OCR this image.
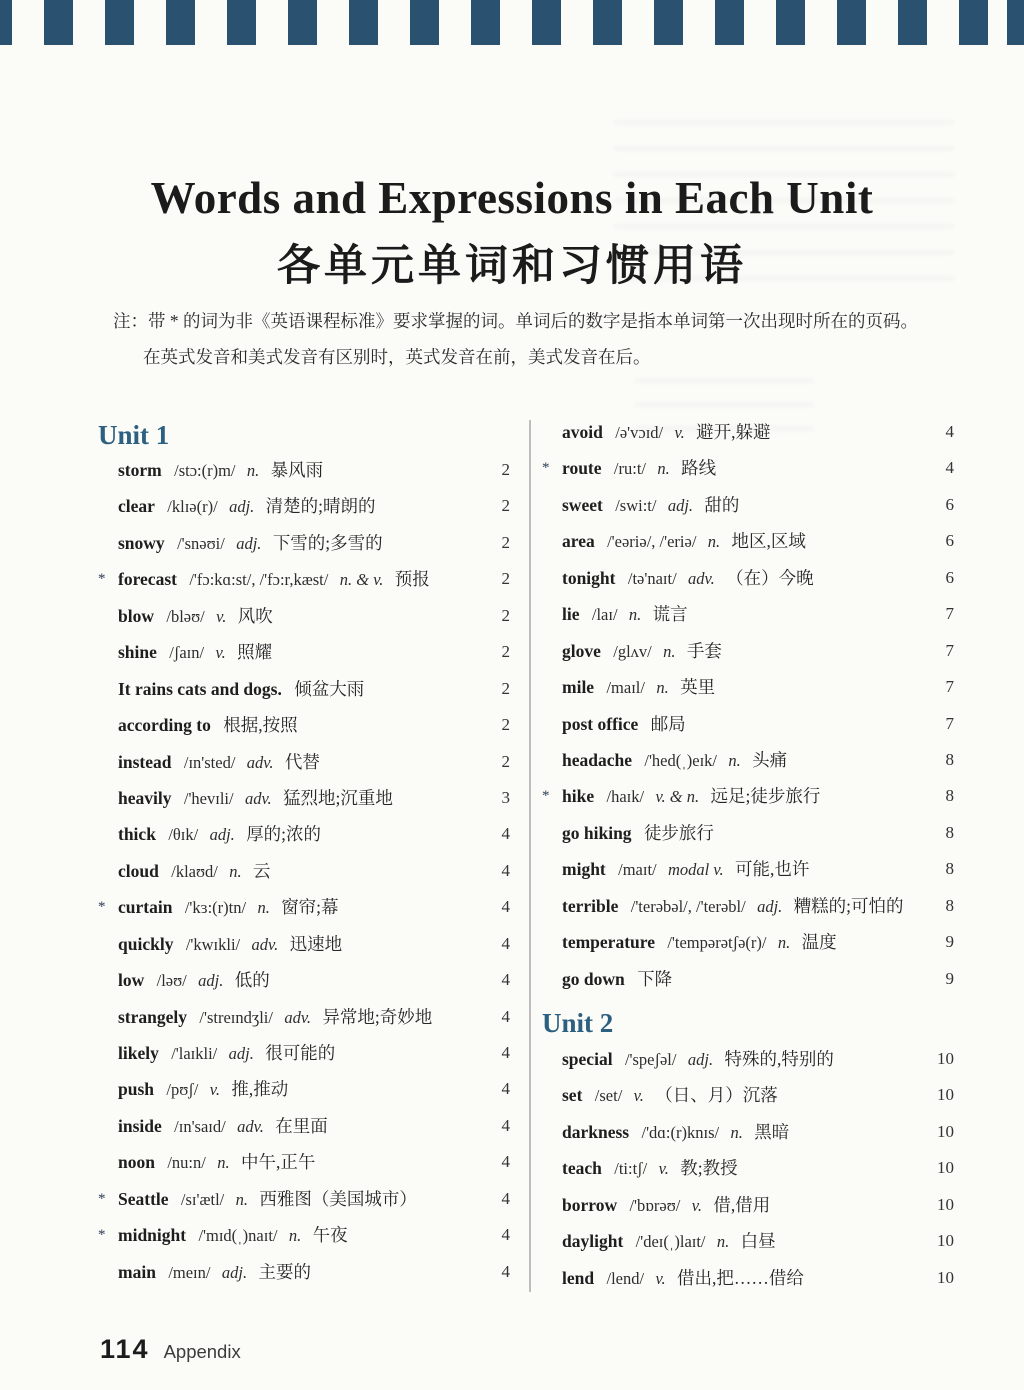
Words and Expressions in Each Unit
各单元单词和习惯用语
注：带 * 的词为非《英语课程标准》要求掌握的词。单词后的数字是指本单词第一次出现时所在的页码。
在英式发音和美式发音有区别时，英式发音在前，美式发音在后。
Unit 1
storm /stɔ:(r)m/ n. 暴风雨	2
clear /klɪə(r)/ adj. 清楚的;晴朗的	2
snowy /'snəʊi/ adj. 下雪的;多雪的	2
* forecast /'fɔ:kɑ:st/, /'fɔ:r,kæst/ n. & v. 预报	2
blow /bləʊ/ v. 风吹	2
shine /ʃaɪn/ v. 照耀	2
It rains cats and dogs. 倾盆大雨	2
according to 根据,按照	2
instead /ɪn'sted/ adv. 代替	2
heavily /'hevɪli/ adv. 猛烈地;沉重地	3
thick /θɪk/ adj. 厚的;浓的	4
cloud /klaʊd/ n. 云	4
* curtain /'kɜ:(r)tn/ n. 窗帘;幕	4
quickly /'kwɪkli/ adv. 迅速地	4
low /ləʊ/ adj. 低的	4
strangely /'streɪndʒli/ adv. 异常地;奇妙地	4
likely /'laɪkli/ adj. 很可能的	4
push /pʊʃ/ v. 推,推动	4
inside /ɪn'saɪd/ adv. 在里面	4
noon /nu:n/ n. 中午,正午	4
* Seattle /sɪ'ætl/ n. 西雅图（美国城市）	4
* midnight /'mɪd(ˌ)naɪt/ n. 午夜	4
main /meɪn/ adj. 主要的	4
avoid /ə'vɔɪd/ v. 避开,躲避	4
* route /ru:t/ n. 路线	4
sweet /swi:t/ adj. 甜的	6
area /'eəriə/, /'eriə/ n. 地区,区域	6
tonight /tə'naɪt/ adv. （在）今晚	6
lie /laɪ/ n. 谎言	7
glove /glʌv/ n. 手套	7
mile /maɪl/ n. 英里	7
post office 邮局	7
headache /'hed(ˌ)eɪk/ n. 头痛	8
* hike /haɪk/ v. & n. 远足;徒步旅行	8
go hiking 徒步旅行	8
might /maɪt/ modal v. 可能,也许	8
terrible /'terəbəl/, /'terəbl/ adj. 糟糕的;可怕的 8
temperature /'tempərətʃə(r)/ n. 温度	9
go down 下降	9
Unit 2
special /'speʃəl/ adj. 特殊的,特别的	10
set /set/ v. （日、月）沉落	10
darkness /'dɑ:(r)knɪs/ n. 黑暗	10
teach /ti:tʃ/ v. 教;教授	10
borrow /'bɒrəʊ/ v. 借,借用	10
daylight /'deɪ(ˌ)laɪt/ n. 白昼	10
lend /lend/ v. 借出,把……借给	10
114 Appendix
